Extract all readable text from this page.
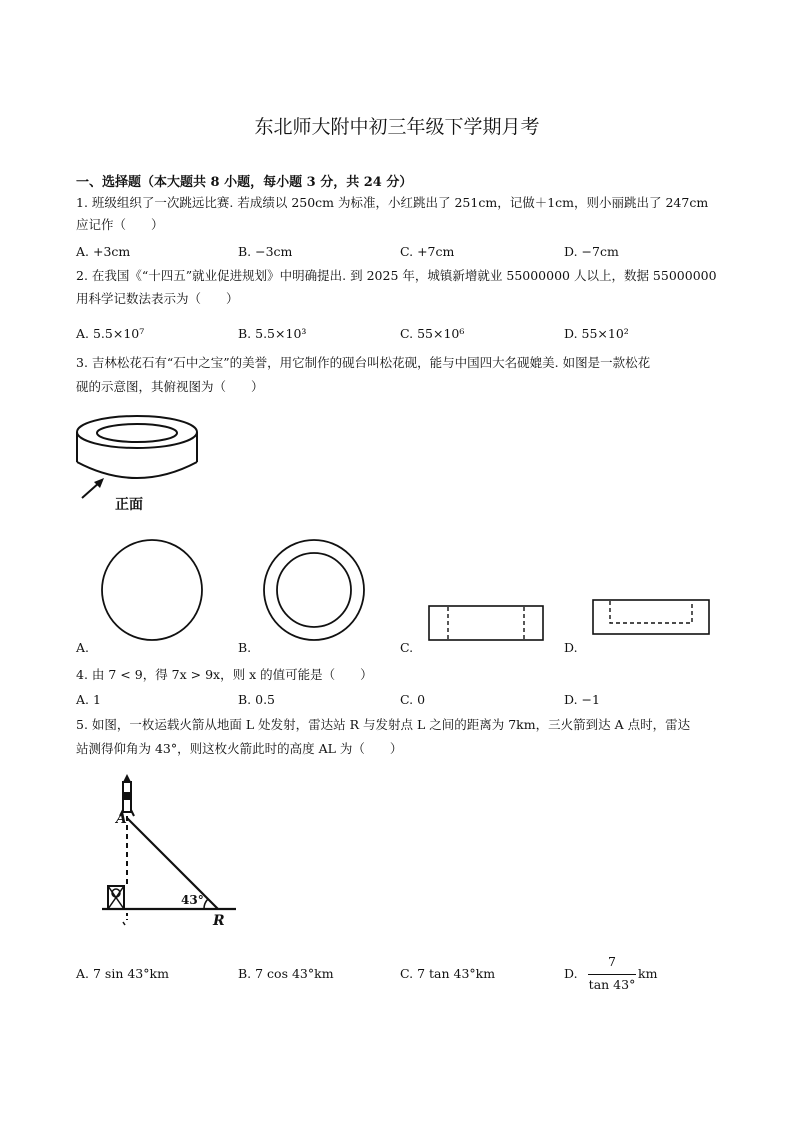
东北师大附中初三年级下学期月考
一、选择题（本大题共 8 小题，每小题 3 分，共 24 分）
1. 班级组织了一次跳远比赛. 若成绩以 250cm 为标准，小红跳出了 251cm，记做＋1cm，则小丽跳出了 247cm
应记作（　　）
A. +3cm	B. −3cm	C. +7cm	D. −7cm
2. 在我国《“十四五”就业促进规划》中明确提出. 到 2025 年，城镇新增就业 55000000 人以上，数据 55000000
用科学记数法表示为（　　）
A. 5.5×10⁷	B. 5.5×10³	C. 55×10⁶	D. 55×10²
3. 吉林松花石有“石中之宝”的美誉，用它制作的砚台叫松花砚，能与中国四大名砚媲美. 如图是一款松花
砚的示意图，其俯视图为（　　）
正面
A.	B.	C.	D.
4. 由 7 < 9，得 7x > 9x，则 x 的值可能是（　　）
A. 1	B. 0.5	C. 0	D. −1
5. 如图，一枚运载火箭从地面 L 处发射，雷达站 R 与发射点 L 之间的距离为 7km，三火箭到达 A 点时，雷达
站测得仰角为 43°，则这枚火箭此时的高度 AL 为（　　）
A
R
43°
A. 7 sin 43°km	B. 7 cos 43°km	C. 7 tan 43°km	D.
7
tan 43°
km
